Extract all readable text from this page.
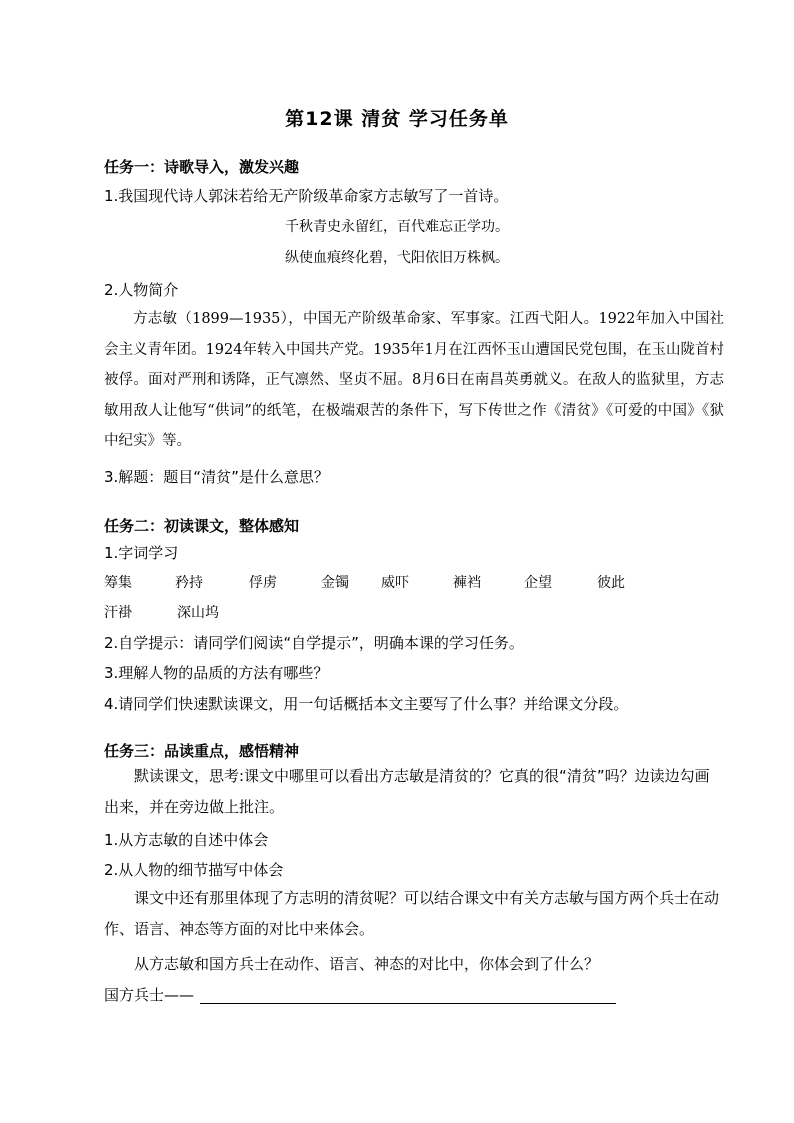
第12课 清贫 学习任务单
任务一：诗歌导入，激发兴趣
1.我国现代诗人郭沫若给无产阶级革命家方志敏写了一首诗。
千秋青史永留红，百代难忘正学功。
纵使血痕终化碧，弋阳依旧万株枫。
2.人物简介
方志敏（1899—1935），中国无产阶级革命家、军事家。江西弋阳人。1922年加入中国社会主义青年团。1924年转入中国共产党。1935年1月在江西怀玉山遭国民党包围，在玉山陇首村被俘。面对严刑和诱降，正气凛然、坚贞不屈。8月6日在南昌英勇就义。在敌人的监狱里，方志敏用敌人让他写“供词”的纸笔，在极端艰苦的条件下，写下传世之作《清贫》《可爱的中国》《狱中纪实》等。
3.解题：题目“清贫”是什么意思？
任务二：初读课文，整体感知
1.字词学习
筹集	矜持	俘虏	金镯 威吓	褲裆	企望	彼此
汗褂	深山坞
2.自学提示：请同学们阅读“自学提示”，明确本课的学习任务。
3.理解人物的品质的方法有哪些？
4.请同学们快速默读课文，用一句话概括本文主要写了什么事？并给课文分段。
任务三：品读重点，感悟精神
默读课文，思考:课文中哪里可以看出方志敏是清贫的？它真的很“清贫”吗？边读边勾画出来，并在旁边做上批注。
1.从方志敏的自述中体会
2.从人物的细节描写中体会
课文中还有那里体现了方志明的清贫呢？可以结合课文中有关方志敏与国方两个兵士在动作、语言、神态等方面的对比中来体会。
从方志敏和国方兵士在动作、语言、神态的对比中，你体会到了什么？
国方兵士——
